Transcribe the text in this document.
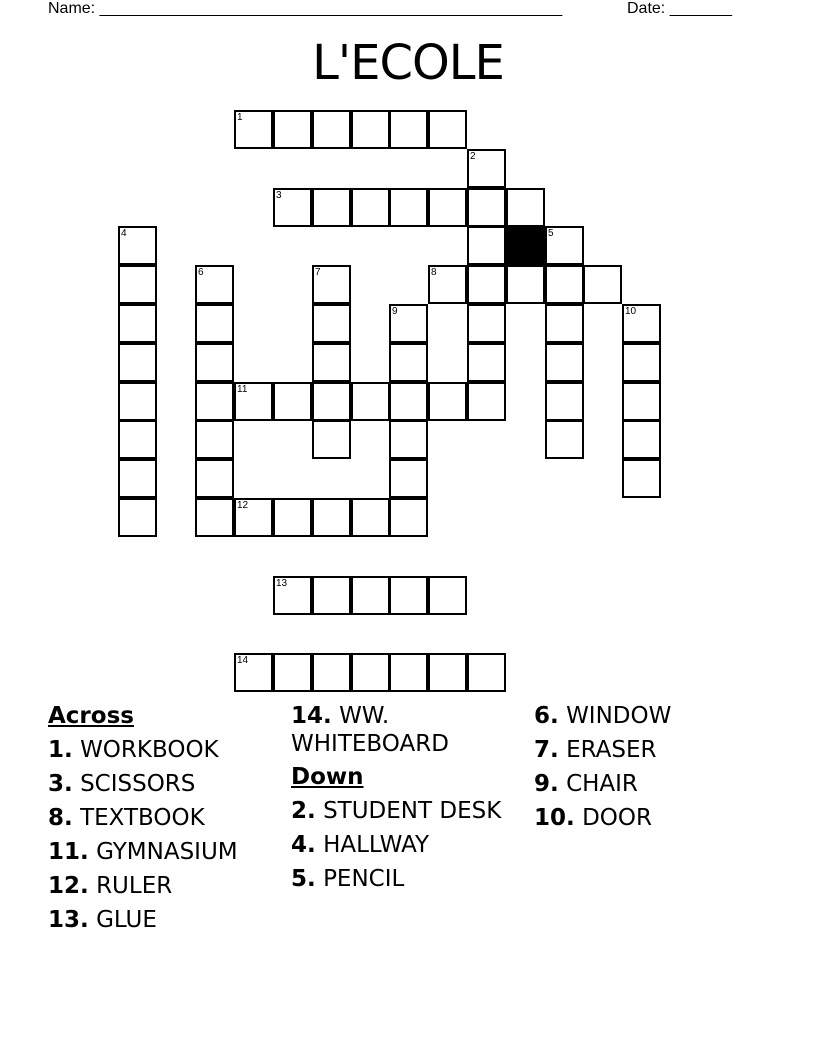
Name: ____________________________________________________	Date: _______
L'ECOLE
1
2
3
4	5
6	7	8
9	10
11
12
13
14
Across
1. WORKBOOK
3. SCISSORS
8. TEXTBOOK
11. GYMNASIUM
12. RULER
13. GLUE
14. WW. WHITEBOARD
Down
2. STUDENT DESK
4. HALLWAY
5. PENCIL
6. WINDOW
7. ERASER
9. CHAIR
10. DOOR
